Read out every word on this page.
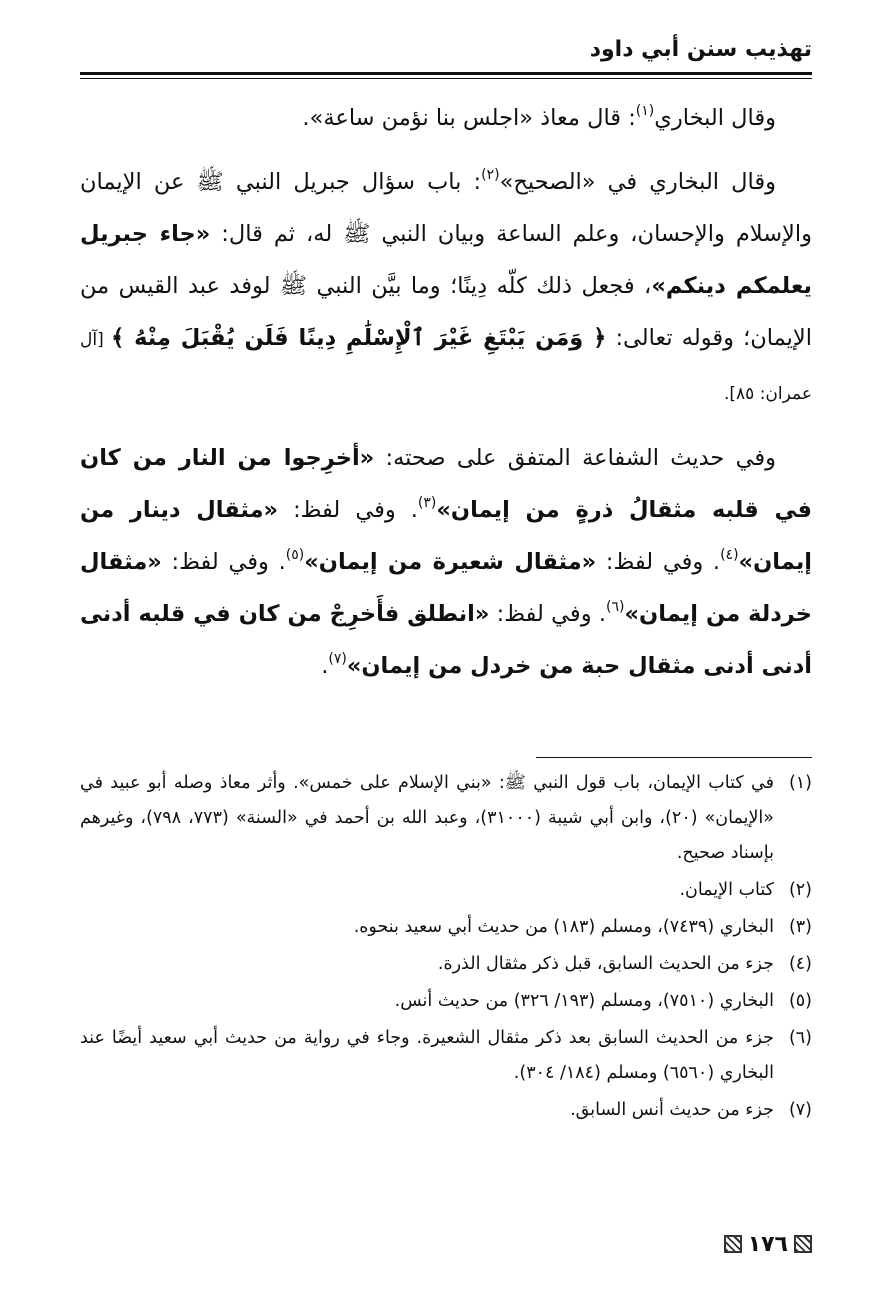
تهذيب سنن أبي داود

وقال البخاري$^{(١)}$: قال معاذ «اجلس بنا نؤمن ساعة».

وقال البخاري في «الصحيح»$^{(٢)}$: باب سؤال جبريل النبي ﷺ عن الإيمان والإسلام والإحسان، وعلم الساعة وبيان النبي ﷺ له، ثم قال: «جاء جبريل يعلمكم دينكم»، فجعل ذلك كلّه دِينًا؛ وما بيَّن النبي ﷺ لوفد عبد القيس من الإيمان؛ وقوله تعالى: ﴿ وَمَن يَبْتَغِ غَيْرَ ٱلْإِسْلَٰمِ دِينًا فَلَن يُقْبَلَ مِنْهُ ﴾ [آل عمران: ٨٥].

وفي حديث الشفاعة المتفق على صحته: «أخرِجوا من النار من كان في قلبه مثقالُ ذرةٍ من إيمان»$^{(٣)}$. وفي لفظ: «مثقال دينار من إيمان»$^{(٤)}$. وفي لفظ: «مثقال شعيرة من إيمان»$^{(٥)}$. وفي لفظ: «مثقال خردلة من إيمان»$^{(٦)}$. وفي لفظ: «انطلق فأَخرِجْ من كان في قلبه أدنى أدنى أدنى مثقال حبة من خردل من إيمان»$^{(٧)}$.

(١)
في كتاب الإيمان، باب قول النبي ﷺ: «بني الإسلام على خمس». وأثر معاذ وصله أبو عبيد في «الإيمان» (٢٠)، وابن أبي شيبة (٣١٠٠٠)، وعبد الله بن أحمد في «السنة» (٧٧٣، ٧٩٨)، وغيرهم بإسناد صحيح.
(٢)
كتاب الإيمان.
(٣)
البخاري (٧٤٣٩)، ومسلم (١٨٣) من حديث أبي سعيد بنحوه.
(٤)
جزء من الحديث السابق، قبل ذكر مثقال الذرة.
(٥)
البخاري (٧٥١٠)، ومسلم (١٩٣/ ٣٢٦) من حديث أنس.
(٦)
جزء من الحديث السابق بعد ذكر مثقال الشعيرة. وجاء في رواية من حديث أبي سعيد أيضًا عند البخاري (٦٥٦٠) ومسلم (١٨٤/ ٣٠٤).
(٧)
جزء من حديث أنس السابق.
١٧٦
